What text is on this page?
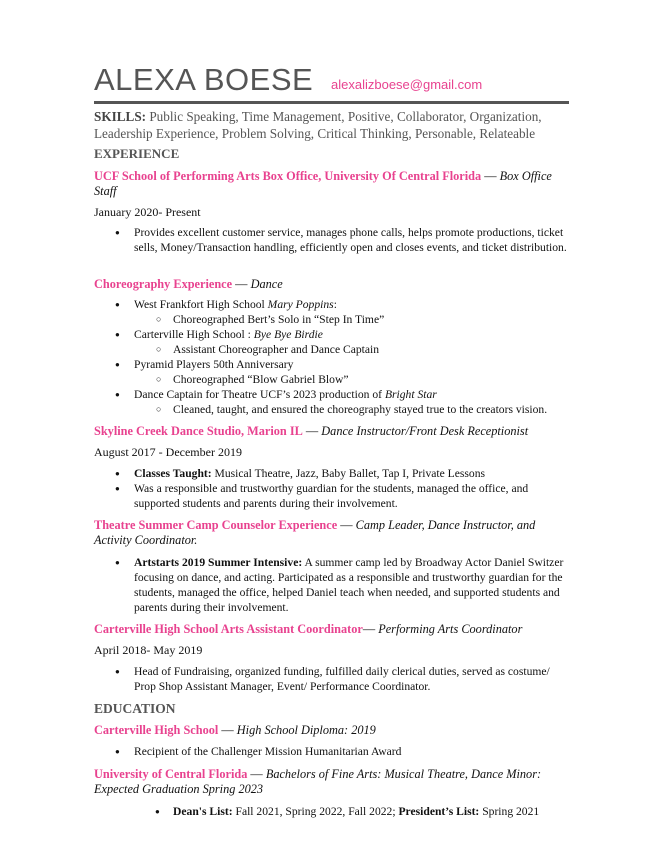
ALEXA BOESE alexalizboese@gmail.com
SKILLS: Public Speaking, Time Management, Positive, Collaborator, Organization, Leadership Experience, Problem Solving, Critical Thinking, Personable, Relateable
EXPERIENCE
UCF School of Performing Arts Box Office, University Of Central Florida — Box Office Staff
January 2020- Present
● Provides excellent customer service, manages phone calls, helps promote productions, ticket sells, Money/Transaction handling, efficiently open and closes events, and ticket distribution.
Choreography Experience — Dance
● West Frankfort High School Mary Poppins:
○ Choreographed Bert’s Solo in “Step In Time”
● Carterville High School : Bye Bye Birdie
○ Assistant Choreographer and Dance Captain
● Pyramid Players 50th Anniversary
○ Choreographed “Blow Gabriel Blow”
● Dance Captain for Theatre UCF’s 2023 production of Bright Star
○ Cleaned, taught, and ensured the choreography stayed true to the creators vision.
Skyline Creek Dance Studio, Marion IL — Dance Instructor/Front Desk Receptionist
August 2017 - December 2019
● Classes Taught: Musical Theatre, Jazz, Baby Ballet, Tap I, Private Lessons
● Was a responsible and trustworthy guardian for the students, managed the office, and supported students and parents during their involvement.
Theatre Summer Camp Counselor Experience — Camp Leader, Dance Instructor, and Activity Coordinator.
● Artstarts 2019 Summer Intensive: A summer camp led by Broadway Actor Daniel Switzer focusing on dance, and acting. Participated as a responsible and trustworthy guardian for the students, managed the office, helped Daniel teach when needed, and supported students and parents during their involvement.
Carterville High School Arts Assistant Coordinator— Performing Arts Coordinator
April 2018- May 2019
● Head of Fundraising, organized funding, fulfilled daily clerical duties, served as costume/ Prop Shop Assistant Manager, Event/ Performance Coordinator.
EDUCATION
Carterville High School — High School Diploma: 2019
● Recipient of the Challenger Mission Humanitarian Award
University of Central Florida — Bachelors of Fine Arts: Musical Theatre, Dance Minor: Expected Graduation Spring 2023
● Dean's List: Fall 2021, Spring 2022, Fall 2022; President’s List: Spring 2021
